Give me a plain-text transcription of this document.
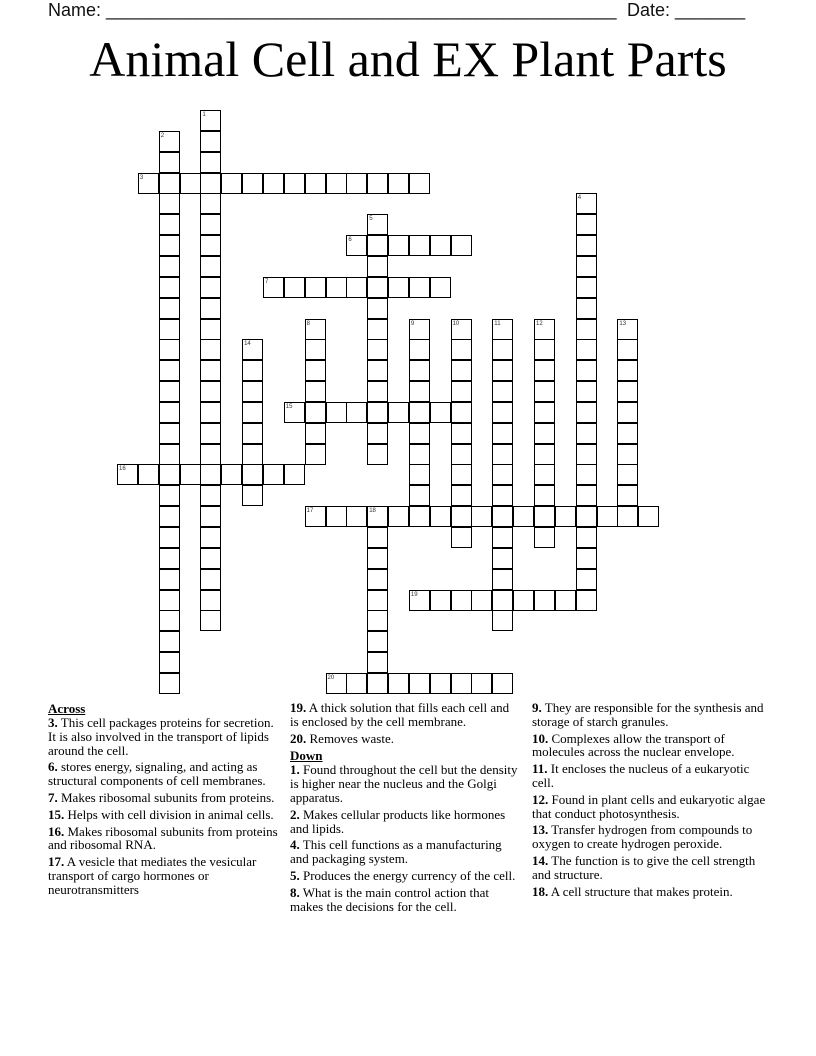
Name: ___________________________________________________ Date: _______
Animal Cell and EX Plant Parts
1
2
3
4
5
6
7
8	9	10	11	12	13
14
15
16
17	18
19
20
Across
3. This cell packages proteins for secretion. It is also involved in the transport of lipids around the cell.
6. stores energy, signaling, and acting as structural components of cell membranes.
7. Makes ribosomal subunits from proteins.
15. Helps with cell division in animal cells.
16. Makes ribosomal subunits from proteins and ribosomal RNA.
17. A vesicle that mediates the vesicular transport of cargo hormones or neurotransmitters
19. A thick solution that fills each cell and is enclosed by the cell membrane.
20. Removes waste.
Down
1. Found throughout the cell but the density is higher near the nucleus and the Golgi apparatus.
2. Makes cellular products like hormones and lipids.
4. This cell functions as a manufacturing and packaging system.
5. Produces the energy currency of the cell.
8. What is the main control action that makes the decisions for the cell.
9. They are responsible for the synthesis and storage of starch granules.
10. Complexes allow the transport of molecules across the nuclear envelope.
11. It encloses the nucleus of a eukaryotic cell.
12. Found in plant cells and eukaryotic algae that conduct photosynthesis.
13. Transfer hydrogen from compounds to oxygen to create hydrogen peroxide.
14. The function is to give the cell strength and structure.
18. A cell structure that makes protein.
